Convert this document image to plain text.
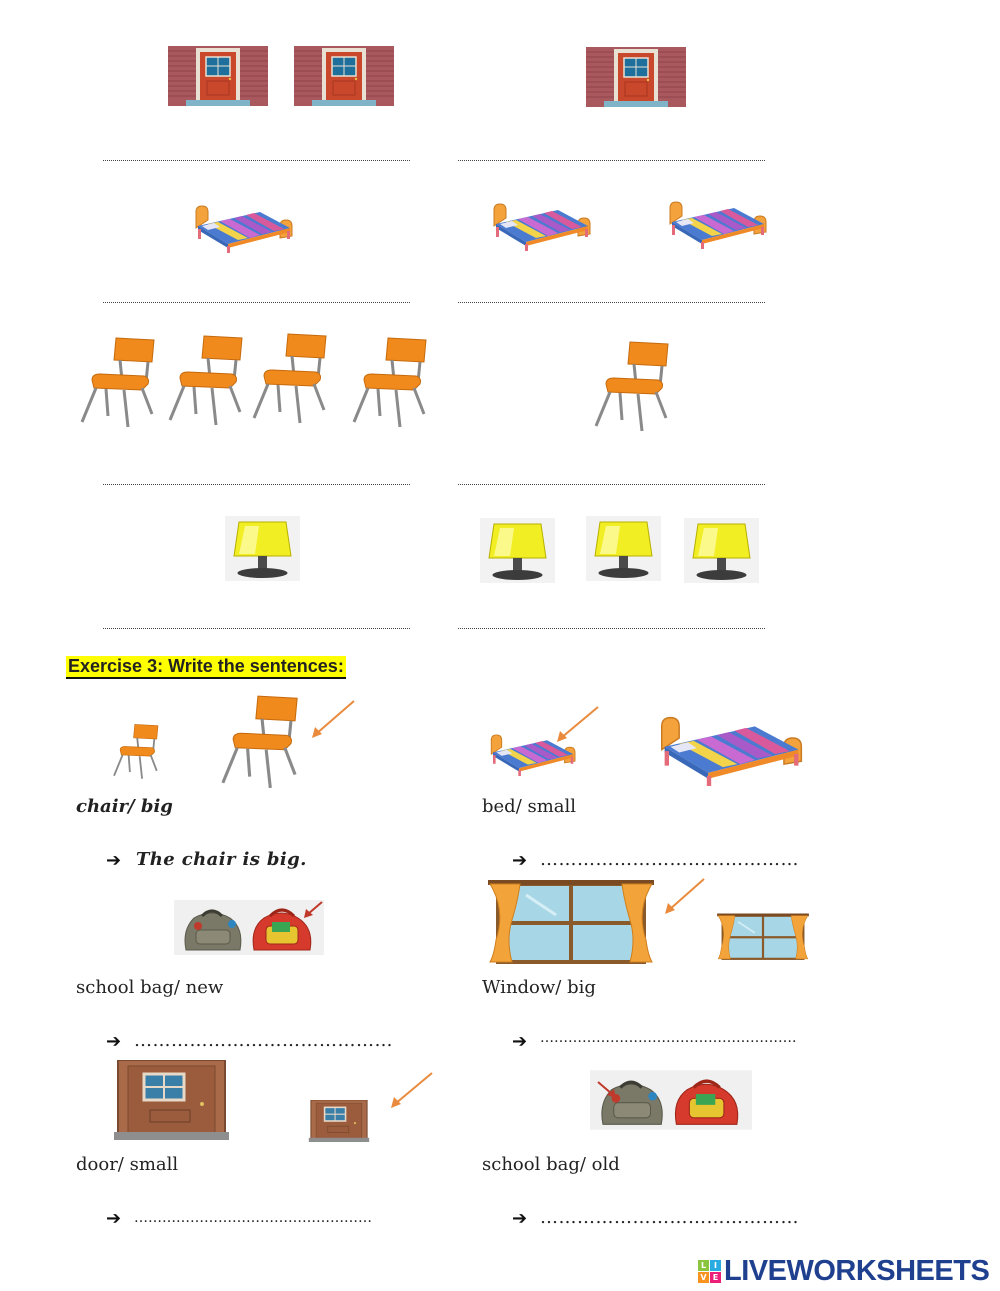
Exercise 3: Write the sentences:
chair/ big
➔ The chair is big.
bed/ small
➔ ……………………………………
school bag/ new
➔ ……………………………………
Window/ big
➔ ……………………………………………….
door/ small
➔ ……………………………………………
school bag/ old
➔ ……………………………………
L I
V E LIVEWORKSHEETS
